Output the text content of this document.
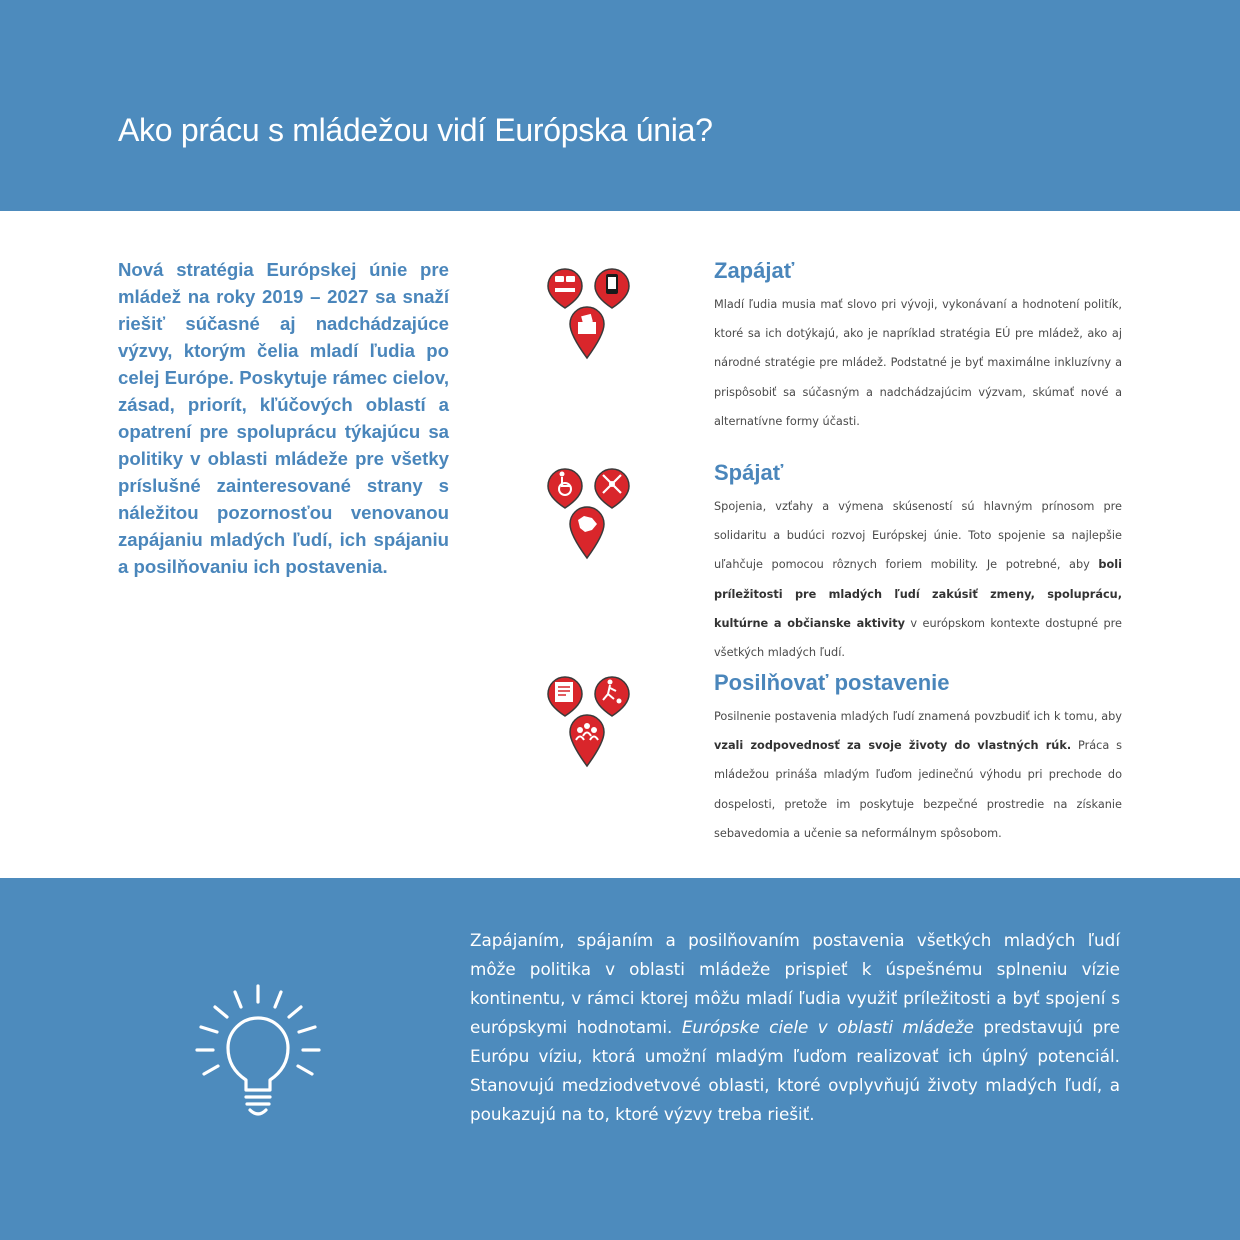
Ako prácu s mládežou vidí Európska únia?

Nová stratégia Európskej únie pre mládež na roky 2019 – 2027 sa snaží riešiť súčasné aj nadchádzajúce výzvy, ktorým čelia mladí ľudia po celej Európe. Poskytuje rámec cielov, zásad, priorít, kľúčových oblastí a opatrení pre spoluprácu týkajúcu sa politiky v oblasti mládeže pre všetky príslušné zainteresované strany s náležitou pozornosťou venovanou zapájaniu mladých ľudí, ich spájaniu a posilňovaniu ich postavenia.

Zapájať

Mladí ľudia musia mať slovo pri vývoji, vykonávaní a hodnotení politík, ktoré sa ich dotýkajú, ako je napríklad stratégia EÚ pre mládež, ako aj národné stratégie pre mládež. Podstatné je byť maximálne inkluzívny a prispôsobiť sa súčasným a nadchádzajúcim výzvam, skúmať nové a alternatívne formy účasti.

Spájať

Spojenia, vzťahy a výmena skúseností sú hlavným prínosom pre solidaritu a budúci rozvoj Európskej únie. Toto spojenie sa najlepšie uľahčuje pomocou rôznych foriem mobility. Je potrebné, aby boli príležitosti pre mladých ľudí zakúsiť zmeny, spoluprácu, kultúrne a občianske aktivity v európskom kontexte dostupné pre všetkých mladých ľudí.

Posilňovať postavenie

Posilnenie postavenia mladých ľudí znamená povzbudiť ich k tomu, aby vzali zodpovednosť za svoje životy do vlastných rúk. Práca s mládežou prináša mladým ľuďom jedinečnú výhodu pri prechode do dospelosti, pretože im poskytuje bezpečné prostredie na získanie sebavedomia a učenie sa neformálnym spôsobom.

Zapájaním, spájaním a posilňovaním postavenia všetkých mladých ľudí môže politika v oblasti mládeže prispieť k úspešnému splneniu vízie kontinentu, v rámci ktorej môžu mladí ľudia využiť príležitosti a byť spojení s európskymi hodnotami. Európske ciele v oblasti mládeže predstavujú pre Európu víziu, ktorá umožní mladým ľuďom realizovať ich úplný potenciál. Stanovujú medziodvetvové oblasti, ktoré ovplyvňujú životy mladých ľudí, a poukazujú na to, ktoré výzvy treba riešiť.
